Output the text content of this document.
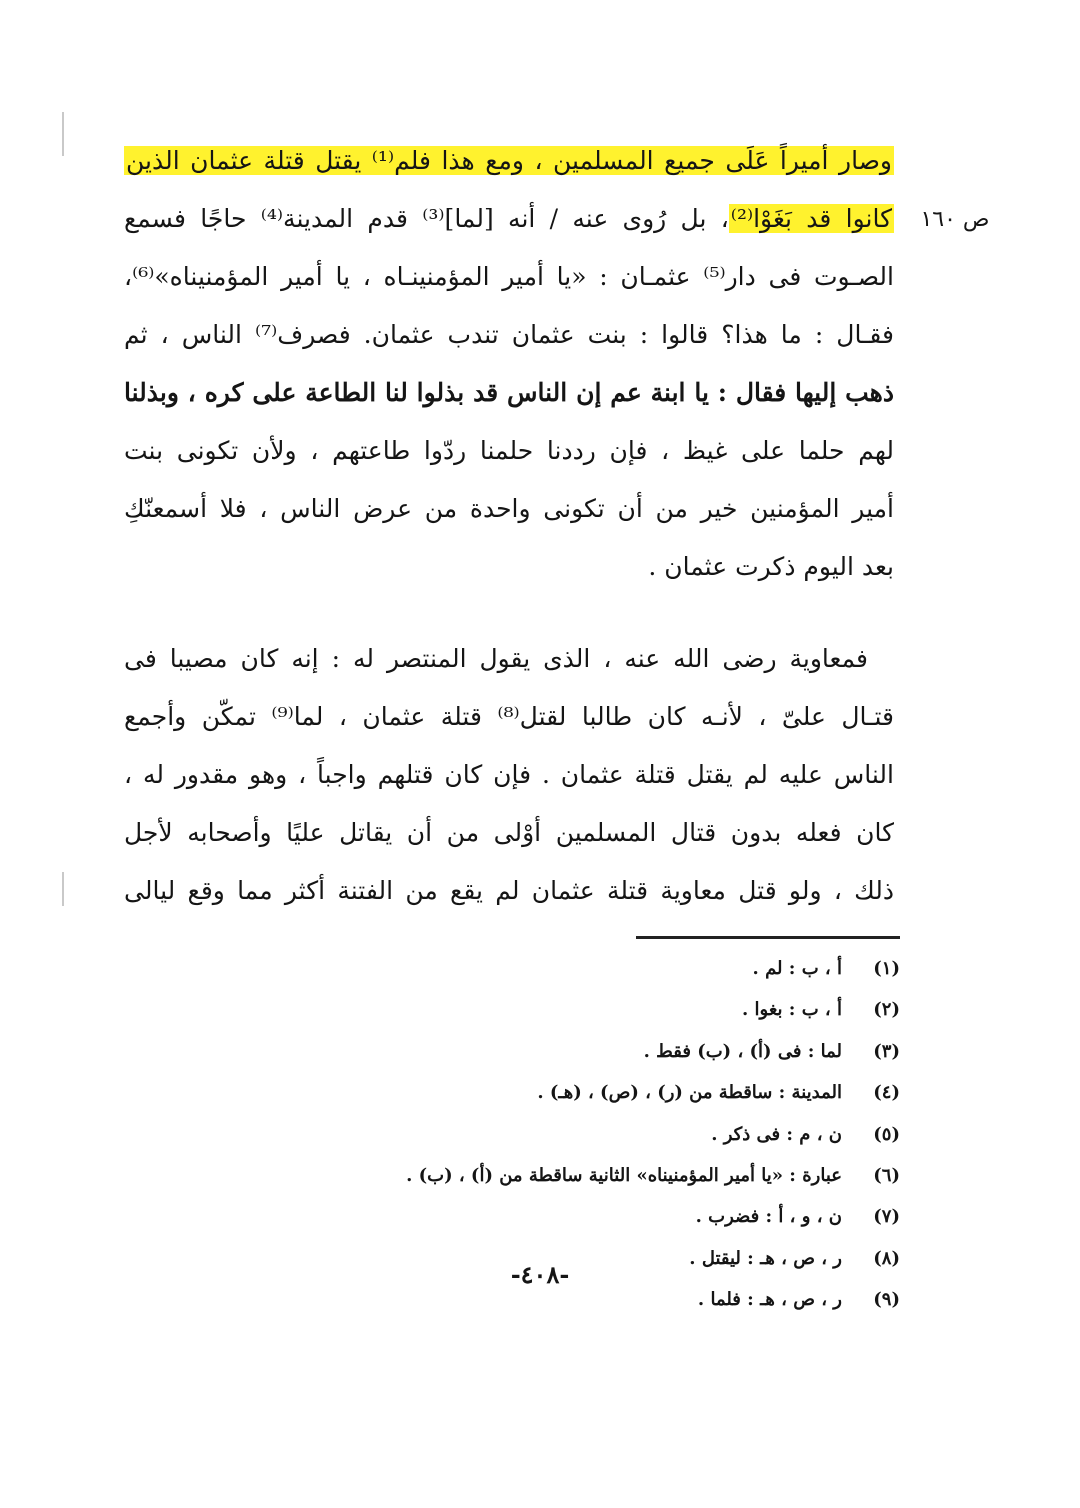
ص ١٦٠
وصار أميراً عَلَى جميع المسلمين ، ومع هذا فلم⁽¹⁾ يقتل قتلة عثمان الذين
كانوا قد بَغَوْا⁽²⁾، بل رُوى عنه / أنه [لما]⁽³⁾ قدم المدينة⁽⁴⁾ حاجًا فسمع
الصـوت فى دار⁽⁵⁾ عثمـان : «يا أمير المؤمنينـاه ، يا أمير المؤمنيناه»⁽⁶⁾،
فقـال : ما هذا؟ قالوا : بنت عثمان تندب عثمان. فصرف⁽⁷⁾ الناس ، ثم
ذهب إليها فقال : يا ابنة عم إن الناس قد بذلوا لنا الطاعة على كره ، وبذلنا
لهم حلما على غيظ ، فإن رددنا حلمنا ردّوا طاعتهم ، ولأن تكونى بنت
أمير المؤمنين خير من أن تكونى واحدة من عرض الناس ، فلا أسمعنّكِ
بعد اليوم ذكرت عثمان .
فمعاوية رضى الله عنه ، الذى يقول المنتصر له : إنه كان مصيبا فى
قتـال علىّ ، لأنـه كان طالبا لقتل⁽⁸⁾ قتلة عثمان ، لما⁽⁹⁾ تمكّن وأجمع
الناس عليه لم يقتل قتلة عثمان . فإن كان قتلهم واجباً ، وهو مقدور له ،
كان فعله بدون قتال المسلمين أوْلى من أن يقاتل عليًا وأصحابه لأجل
ذلك ، ولو قتل معاوية قتلة عثمان لم يقع من الفتنة أكثر مما وقع ليالى
(١)
أ ، ب : لم .
(٢)
أ ، ب : بغوا .
(٣)
لما : فى (أ) ، (ب) فقط .
(٤)
المدينة : ساقطة من (ر) ، (ص) ، (هـ) .
(٥)
ن ، م : فى ذكر .
(٦)
عبارة : «يا أمير المؤمنيناه» الثانية ساقطة من (أ) ، (ب) .
(٧)
ن ، و ، أ : فضرب .
(٨)
ر ، ص ، هـ : ليقتل .
(٩)
ر ، ص ، هـ : فلما .
-٤٠٨-
